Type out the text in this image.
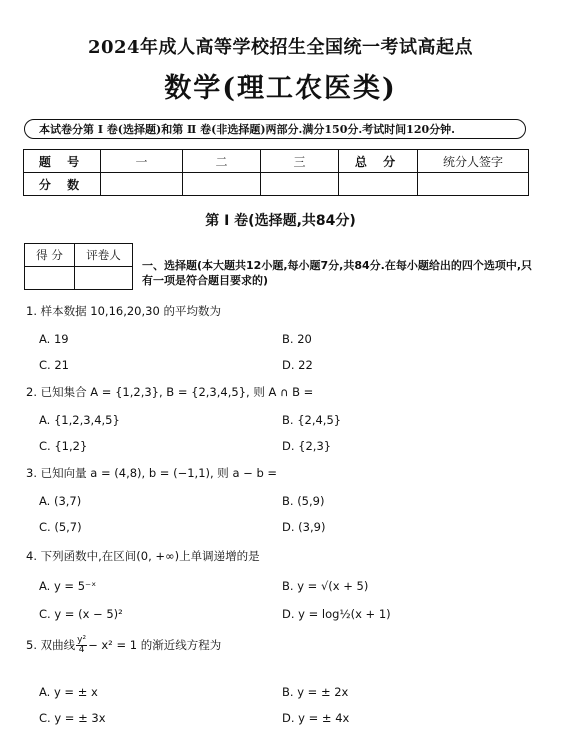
2024年成人高等学校招生全国统一考试高起点
数学(理工农医类)
本试卷分第 Ⅰ 卷(选择题)和第 Ⅱ 卷(非选择题)两部分.满分150分.考试时间120分钟.
题 号	一	二	三	总 分	统分人签字
分 数					
第 Ⅰ 卷(选择题,共84分)
得 分	评卷人

一、选择题(本大题共12小题,每小题7分,共84分.在每小题给出的四个选项中,只有一项是符合题目要求的)
1. 样本数据 10,16,20,30 的平均数为
A. 19	B. 20
C. 21	D. 22
2. 已知集合 A = {1,2,3}, B = {2,3,4,5}, 则 A ∩ B =
A. {1,2,3,4,5}	B. {2,4,5}
C. {1,2}	D. {2,3}
3. 已知向量 a = (4,8), b = (−1,1), 则 a − b =
A. (3,7)	B. (5,9)
C. (5,7)	D. (3,9)
4. 下列函数中,在区间(0, +∞)上单调递增的是
A. y = 5⁻ˣ	B. y = √(x + 5)
C. y = (x − 5)²	D. y = log½(x + 1)
5. 双曲线 $\frac{\text{y²}}{4} - x^2 = 1$ 的渐近线方程为
A. y = ± x	B. y = ± 2x
C. y = ± 3x	D. y = ± 4x
